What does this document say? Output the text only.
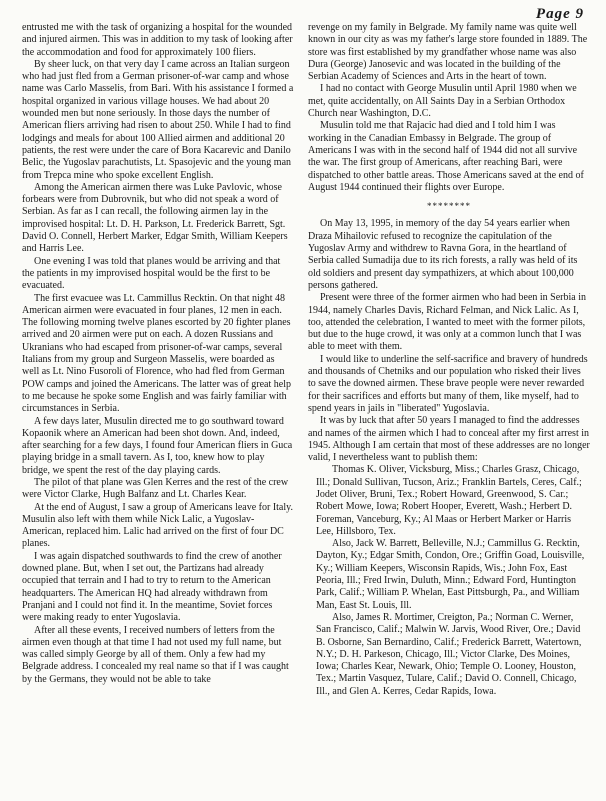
Page 9

entrusted me with the task of organizing a hospital for the wounded and injured airmen. This was in addition to my task of looking after the accommodation and food for approximately 100 fliers.

By sheer luck, on that very day I came across an Italian surgeon who had just fled from a German prisoner-of-war camp and whose name was Carlo Masselis, from Bari. With his assistance I formed a hospital organized in various village houses. We had about 20 wounded men but none seriously. In those days the number of American fliers arriving had risen to about 250. While I had to find lodgings and meals for about 100 Allied airmen and additional 20 patients, the rest were under the care of Bora Kacarevic and Danilo Belic, the Yugoslav parachutists, Lt. Spasojevic and the young man from Trepca mine who spoke excellent English.

Among the American airmen there was Luke Pavlovic, whose forbears were from Dubrovnik, but who did not speak a word of Serbian. As far as I can recall, the following airmen lay in the improvised hospital: Lt. D. H. Parkson, Lt. Frederick Barrett, Sgt. David O. Connell, Herbert Marker, Edgar Smith, William Keepers and Harris Lee.

One evening I was told that planes would be arriving and that the patients in my improvised hospital would be the first to be evacuated.

The first evacuee was Lt. Cammillus Recktin. On that night 48 American airmen were evacuated in four planes, 12 men in each. The following morning twelve planes escorted by 20 fighter planes arrived and 20 airmen were put on each. A dozen Russians and Ukranians who had escaped from prisoner-of-war camps, several Italians from my group and Surgeon Masselis, were boarded as well as Lt. Nino Fusoroli of Florence, who had fled from German POW camps and joined the Americans. The latter was of great help to me because he spoke some English and was fairly familiar with circumstances in Serbia.

A few days later, Musulin directed me to go southward toward Kopaonik where an American had been shot down. And, indeed, after searching for a few days, I found four American fliers in Guca playing bridge in a small tavern. As I, too, knew how to play bridge, we spent the rest of the day playing cards.

The pilot of that plane was Glen Kerres and the rest of the crew were Victor Clarke, Hugh Balfanz and Lt. Charles Kear.

At the end of August, I saw a group of Americans leave for Italy. Musulin also left with them while Nick Lalic, a Yugoslav-American, replaced him. Lalic had arrived on the first of four DC planes.

I was again dispatched southwards to find the crew of another downed plane. But, when I set out, the Partizans had already occupied that terrain and I had to try to return to the American headquarters. The American HQ had already withdrawn from Pranjani and I could not find it. In the meantime, Soviet forces were making ready to enter Yugoslavia.

After all these events, I received numbers of letters from the airmen even though at that time I had not used my full name, but was called simply George by all of them. Only a few had my Belgrade address. I concealed my real name so that if I was caught by the Germans, they would not be able to take

revenge on my family in Belgrade. My family name was quite well known in our city as was my father's large store founded in 1889. The store was first established by my grandfather whose name was also Dura (George) Janosevic and was located in the building of the Serbian Academy of Sciences and Arts in the heart of town.

I had no contact with George Musulin until April 1980 when we met, quite accidentally, on All Saints Day in a Serbian Orthodox Church near Washington, D.C.

Musulin told me that Rajacic had died and I told him I was working in the Canadian Embassy in Belgrade. The group of Americans I was with in the second half of 1944 did not all survive the war. The first group of Americans, after reaching Bari, were dispatched to other battle areas. Those Americans saved at the end of August 1944 continued their flights over Europe.

********

On May 13, 1995, in memory of the day 54 years earlier when Draza Mihailovic refused to recognize the capitulation of the Yugoslav Army and withdrew to Ravna Gora, in the heartland of Serbia called Sumadija due to its rich forests, a rally was held of its old soldiers and present day sympathizers, at which about 100,000 persons gathered.

Present were three of the former airmen who had been in Serbia in 1944, namely Charles Davis, Richard Felman, and Nick Lalic. As I, too, attended the celebration, I wanted to meet with the former pilots, but due to the huge crowd, it was only at a common lunch that I was able to meet with them.

I would like to underline the self-sacrifice and bravery of hundreds and thousands of Chetniks and our population who risked their lives to save the downed airmen. These brave people were never rewarded for their sacrifices and efforts but many of them, like myself, had to spend years in jails in "liberated" Yugoslavia.

It was by luck that after 50 years I managed to find the addresses and names of the airmen which I had to conceal after my first arrest in 1945. Although I am certain that most of these addresses are no longer valid, I nevertheless want to publish them:

Thomas K. Oliver, Vicksburg, Miss.; Charles Grasz, Chicago, Ill.; Donald Sullivan, Tucson, Ariz.; Franklin Bartels, Ceres, Calf.; Jodet Oliver, Bruni, Tex.; Robert Howard, Greenwood, S. Car.; Robert Mowe, Iowa; Robert Hooper, Everett, Wash.; Herbert D. Foreman, Vanceburg, Ky.; Al Maas or Herbert Marker or Harris Lee, Hillsboro, Tex.

Also, Jack W. Barrett, Belleville, N.J.; Cammillus G. Recktin, Dayton, Ky.; Edgar Smith, Condon, Ore.; Griffin Goad, Louisville, Ky.; William Keepers, Wisconsin Rapids, Wis.; John Fox, East Peoria, Ill.; Fred Irwin, Duluth, Minn.; Edward Ford, Huntington Park, Calif.; William P. Whelan, East Pittsburgh, Pa., and William Man, East St. Louis, Ill.

Also, James R. Mortimer, Creigton, Pa.; Norman C. Werner, San Francisco, Calif.; Malwin W. Jarvis, Wood River, Ore.; David B. Osborne, San Bernardino, Calif.; Frederick Barrett, Watertown, N.Y.; D. H. Parkeson, Chicago, Ill.; Victor Clarke, Des Moines, Iowa; Charles Kear, Newark, Ohio; Temple O. Looney, Houston, Tex.; Martin Vasquez, Tulare, Calif.; David O. Connell, Chicago, Ill., and Glen A. Kerres, Cedar Rapids, Iowa.
